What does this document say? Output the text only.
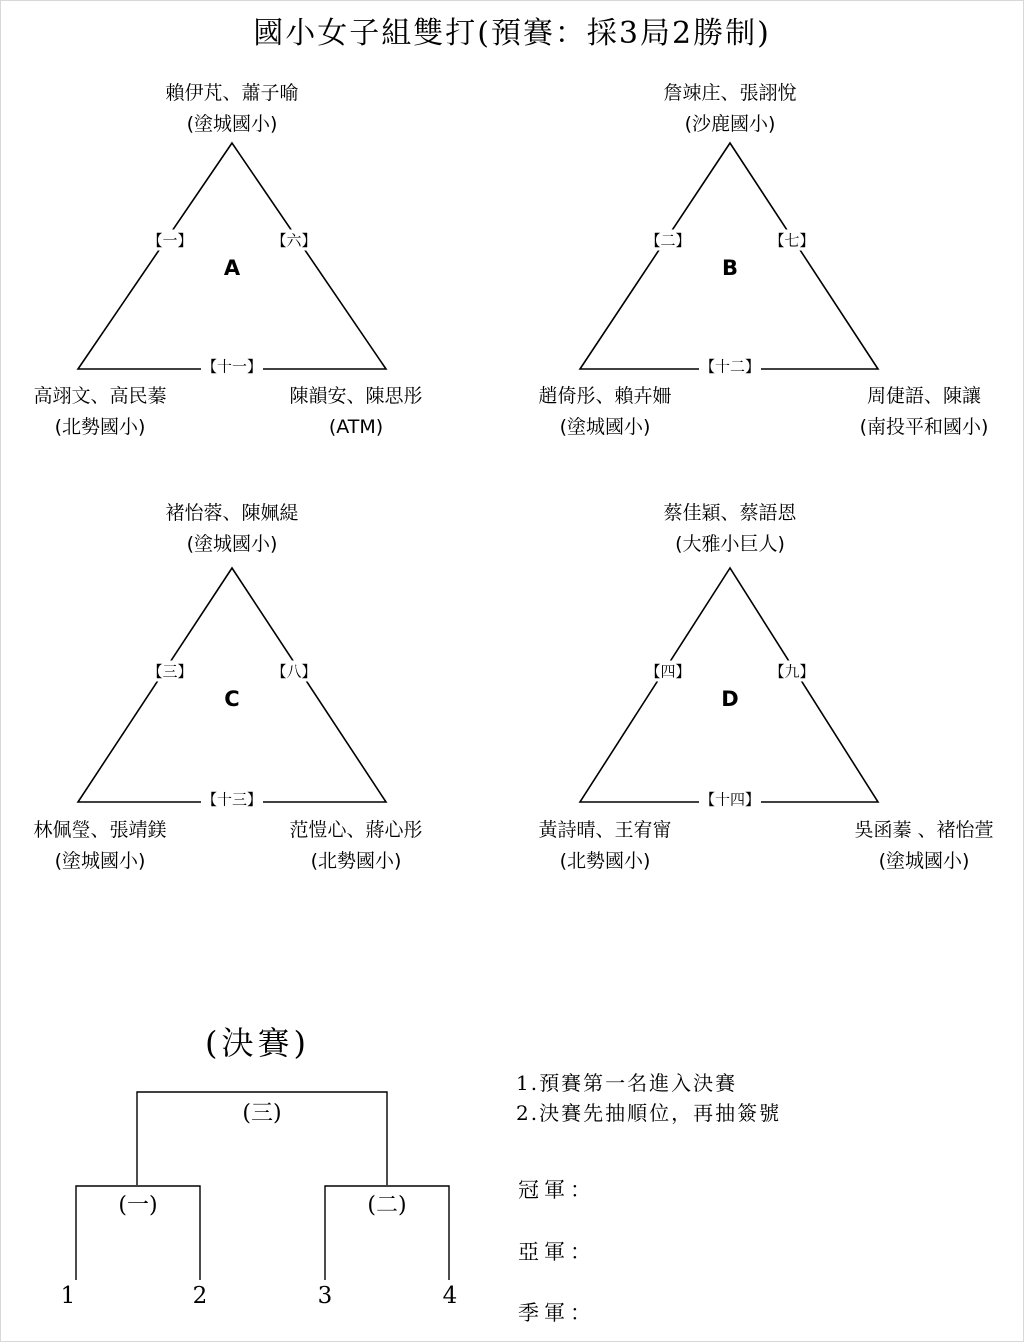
國小女子組雙打(預賽：採3局2勝制)
賴伊芃、蕭子喻
(塗城國小)
【一】	【六】
A
【十一】
高翊文、高民蓁
(北勢國小)
陳韻安、陳思彤
(ATM)
詹竦庄、張詡悅
(沙鹿國小)
【二】	【七】
B
【十二】
趙倚彤、賴卉姍
(塗城國小)
周倢語、陳讓
(南投平和國小)
褚怡蓉、陳姵緹
(塗城國小)
【三】	【八】
C
【十三】
林佩瑩、張靖鎂
(塗城國小)
范愷心、蔣心彤
(北勢國小)
蔡佳穎、蔡語恩
(大雅小巨人)
【四】	【九】
D
【十四】
黃詩晴、王宥甯
(北勢國小)
吳函蓁 、褚怡萱
(塗城國小)
(決賽)
(三)
(一)	(二)
1	2	3	4
1.預賽第一名進入決賽
2.決賽先抽順位，再抽簽號
冠軍：
亞軍：
季軍：
